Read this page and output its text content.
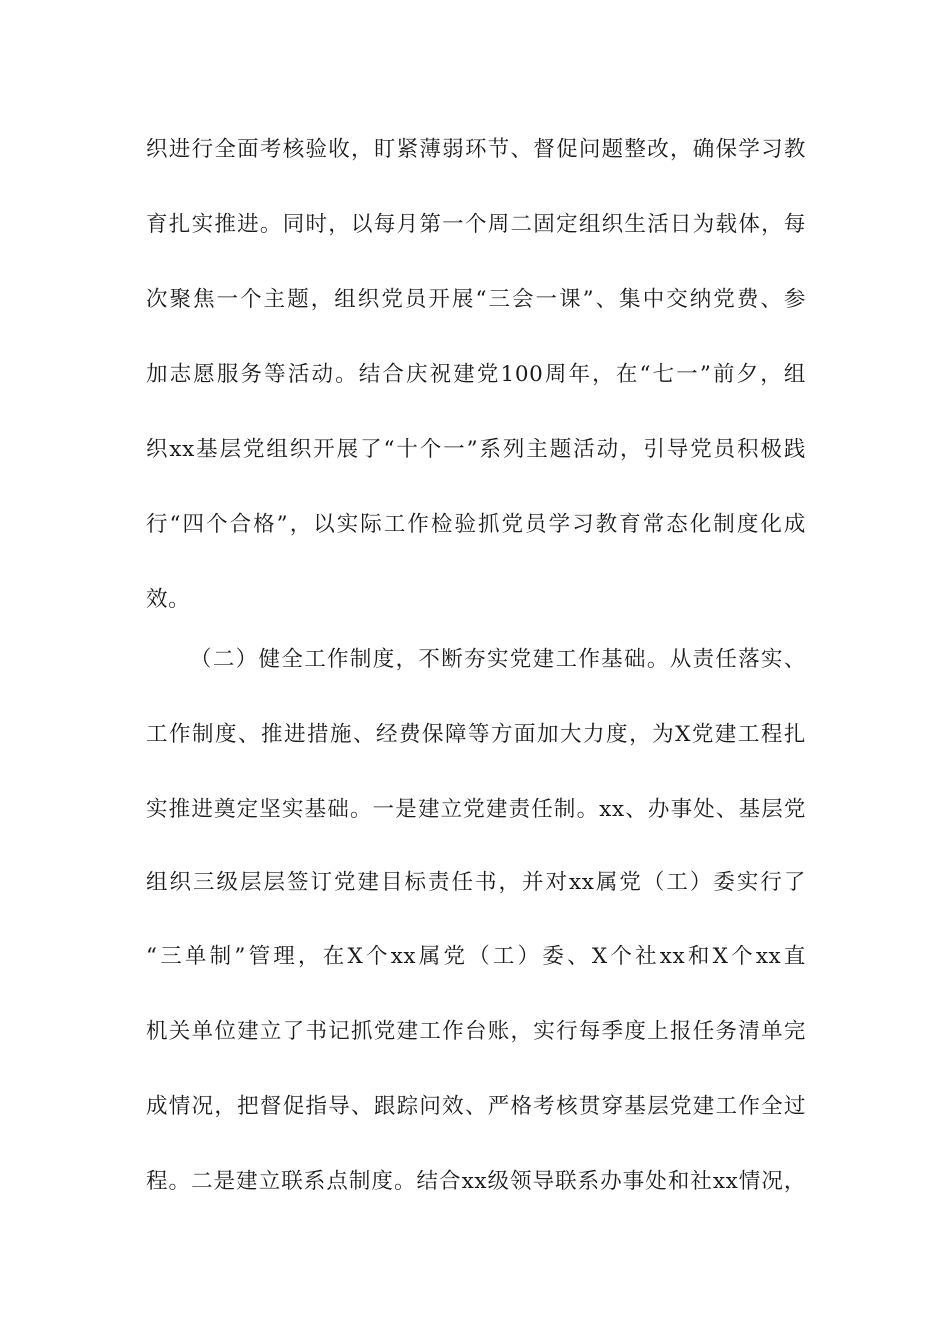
织进行全面考核验收，盯紧薄弱环节、督促问题整改，确保学习教
育扎实推进。同时，以每月第一个周二固定组织生活日为载体，每
次聚焦一个主题，组织党员开展“三会一课”、集中交纳党费、参
加志愿服务等活动。结合庆祝建党100周年，在“七一”前夕，组
织xx基层党组织开展了“十个一”系列主题活动，引导党员积极践
行“四个合格”，以实际工作检验抓党员学习教育常态化制度化成
效。
（二）健全工作制度，不断夯实党建工作基础。从责任落实、
工作制度、推进措施、经费保障等方面加大力度，为X党建工程扎
实推进奠定坚实基础。一是建立党建责任制。xx、办事处、基层党
组织三级层层签订党建目标责任书，并对xx属党（工）委实行了
“三单制”管理，在X个xx属党（工）委、X个社xx和X个xx直
机关单位建立了书记抓党建工作台账，实行每季度上报任务清单完
成情况，把督促指导、跟踪问效、严格考核贯穿基层党建工作全过
程。二是建立联系点制度。结合xx级领导联系办事处和社xx情况，
